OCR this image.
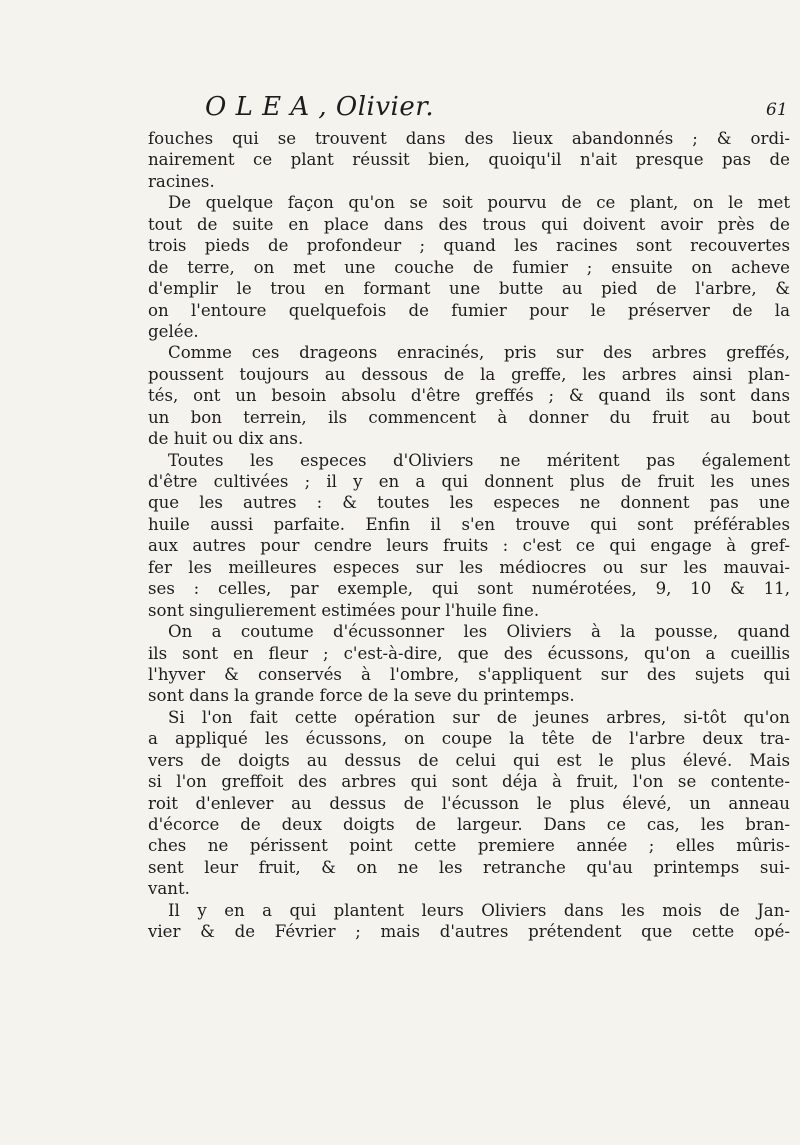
O L E A , Olivier.	61
fouches qui se trouvent dans des lieux abandonnés ; & ordi-
nairement ce plant réussit bien, quoiqu'il n'ait presque pas de
racines.
De quelque façon qu'on se soit pourvu de ce plant, on le met
tout de suite en place dans des trous qui doivent avoir près de
trois pieds de profondeur ; quand les racines sont recouvertes
de terre, on met une couche de fumier ; ensuite on acheve
d'emplir le trou en formant une butte au pied de l'arbre, &
on l'entoure quelquefois de fumier pour le préserver de la
gelée.
Comme ces drageons enracinés, pris sur des arbres greffés,
poussent toujours au dessous de la greffe, les arbres ainsi plan-
tés, ont un besoin absolu d'être greffés ; & quand ils sont dans
un bon terrein, ils commencent à donner du fruit au bout
de huit ou dix ans.
Toutes les especes d'Oliviers ne méritent pas également
d'être cultivées ; il y en a qui donnent plus de fruit les unes
que les autres : & toutes les especes ne donnent pas une
huile aussi parfaite. Enfin il s'en trouve qui sont préférables
aux autres pour cendre leurs fruits : c'est ce qui engage à gref-
fer les meilleures especes sur les médiocres ou sur les mauvai-
ses : celles, par exemple, qui sont numérotées, 9, 10 & 11,
sont singulierement estimées pour l'huile fine.
On a coutume d'écussonner les Oliviers à la pousse, quand
ils sont en fleur ; c'est-à-dire, que des écussons, qu'on a cueillis
l'hyver & conservés à l'ombre, s'appliquent sur des sujets qui
sont dans la grande force de la seve du printemps.
Si l'on fait cette opération sur de jeunes arbres, si-tôt qu'on
a appliqué les écussons, on coupe la tête de l'arbre deux tra-
vers de doigts au dessus de celui qui est le plus élevé. Mais
si l'on greffoit des arbres qui sont déja à fruit, l'on se contente-
roit d'enlever au dessus de l'écusson le plus élevé, un anneau
d'écorce de deux doigts de largeur. Dans ce cas, les bran-
ches ne périssent point cette premiere année ; elles mûris-
sent leur fruit, & on ne les retranche qu'au printemps sui-
vant.
Il y en a qui plantent leurs Oliviers dans les mois de Jan-
vier & de Février ; mais d'autres prétendent que cette opé-
